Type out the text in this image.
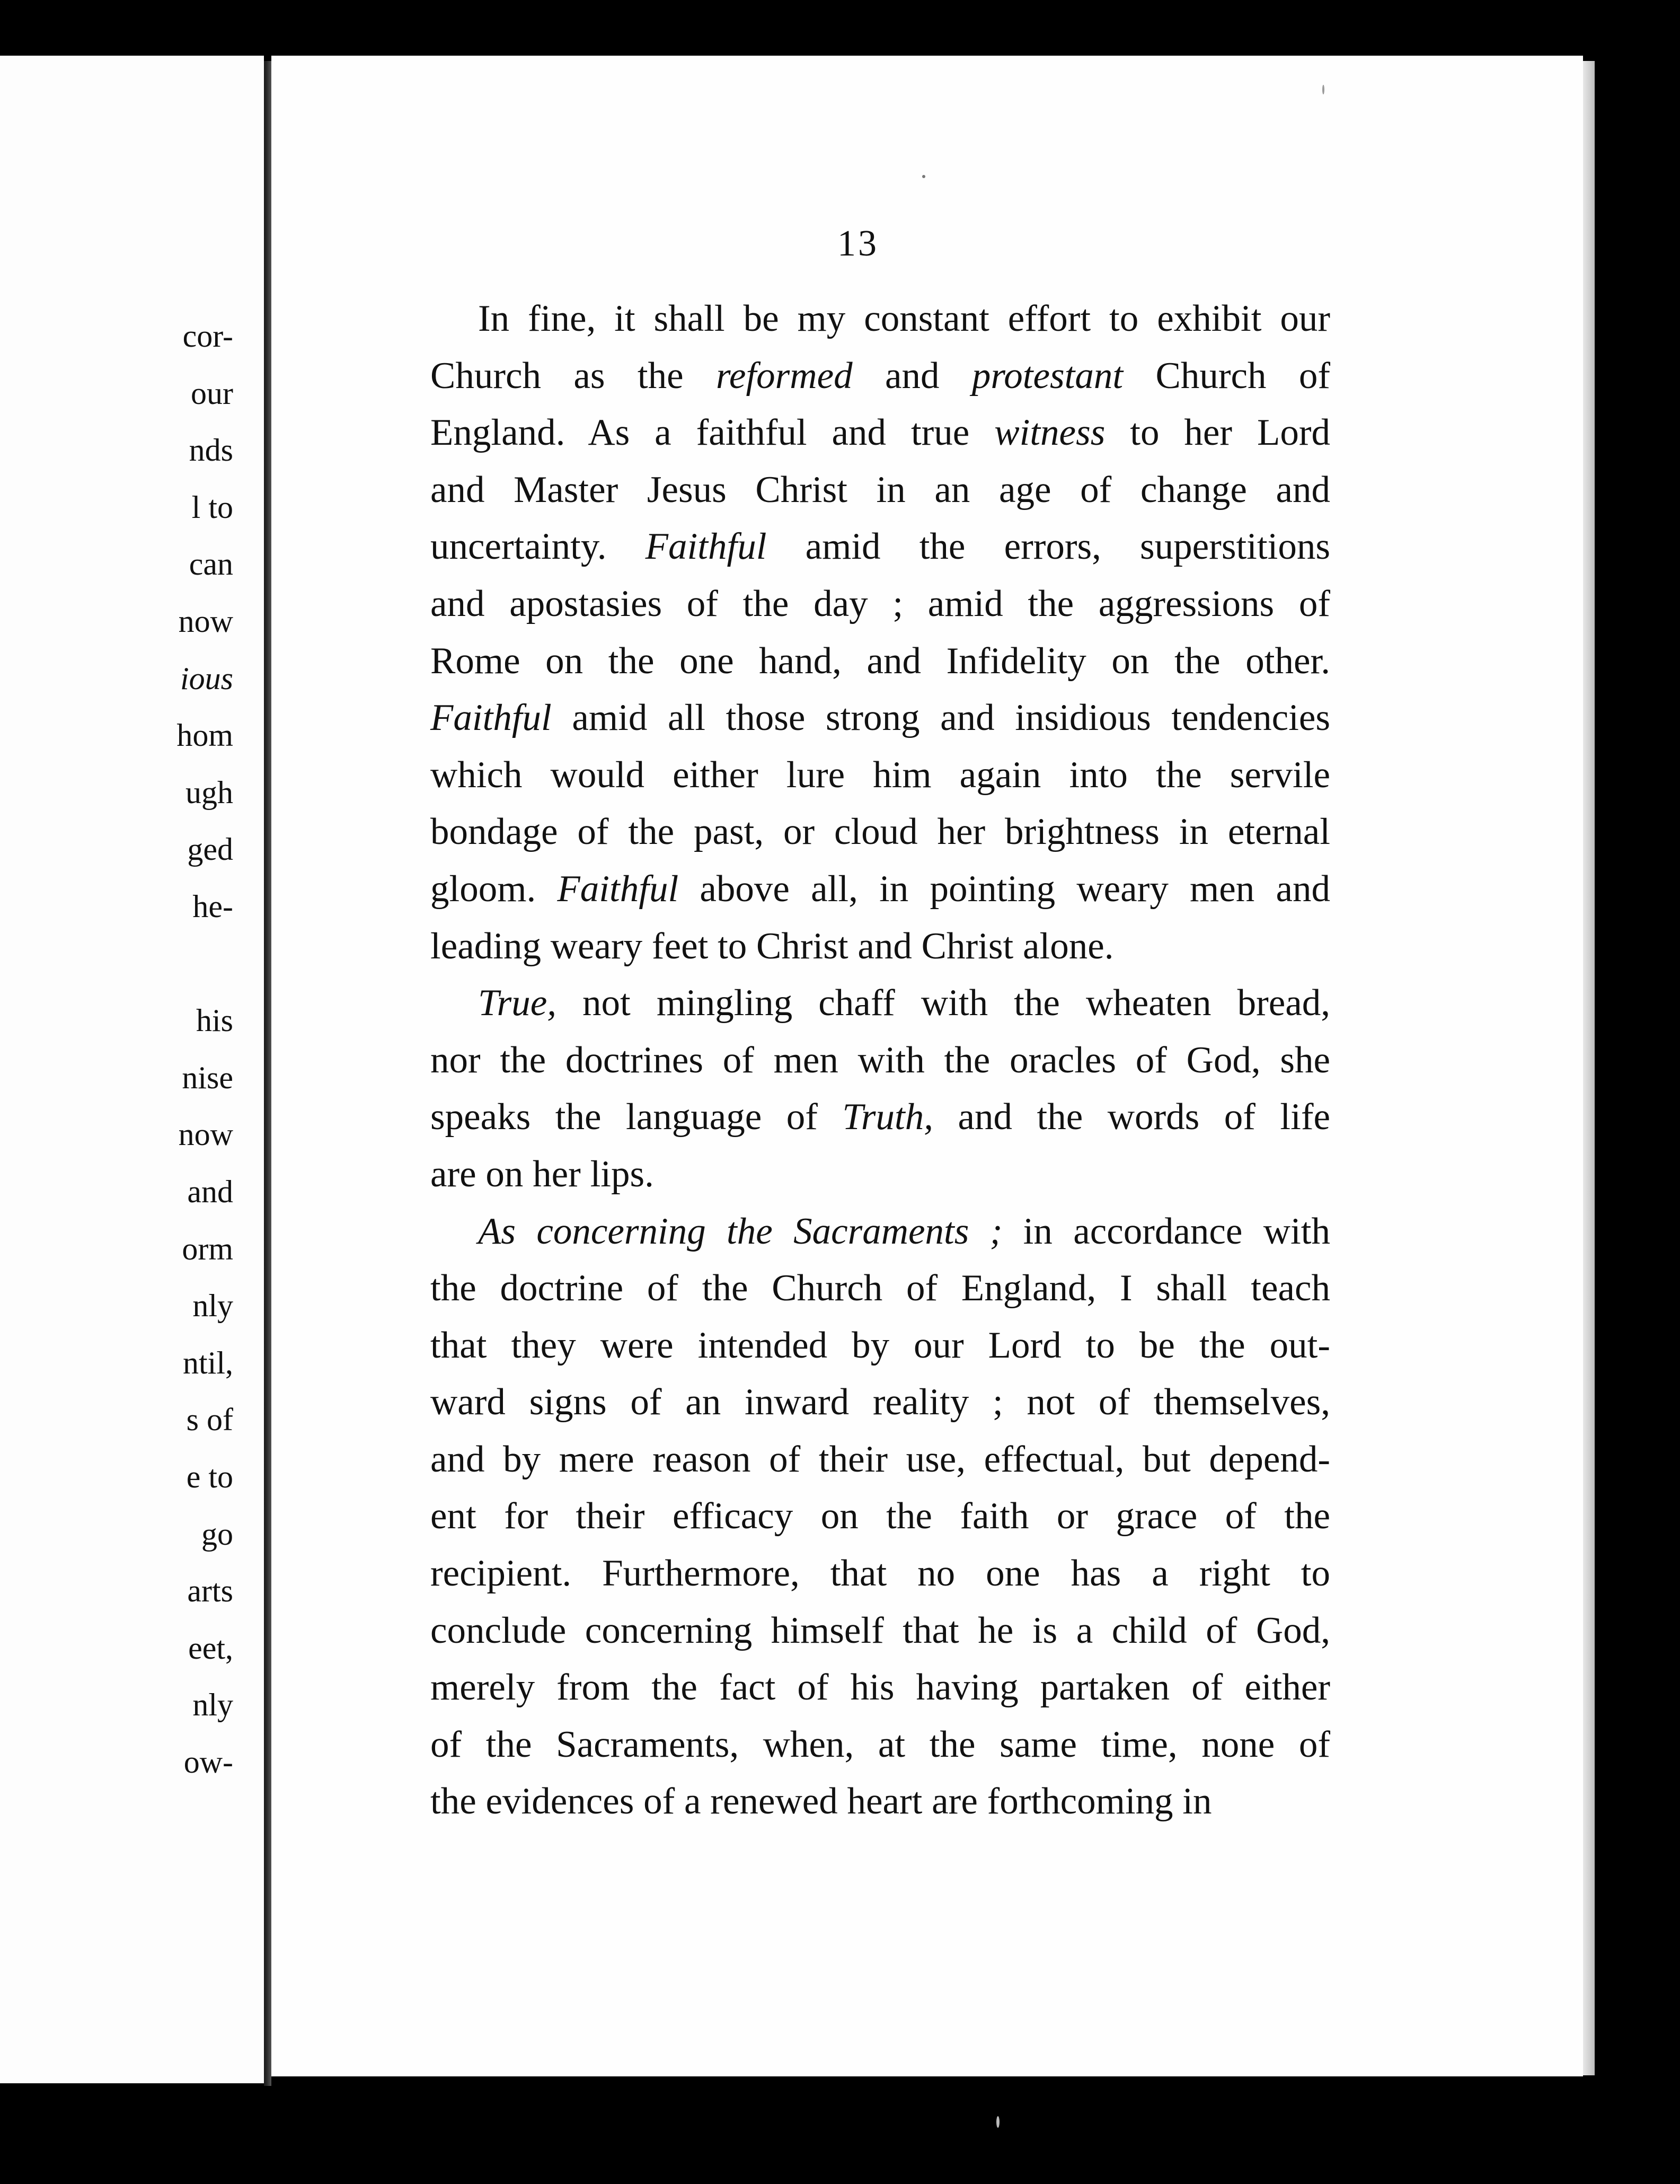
cor-
our
nds
l to
can
now
ious
hom
ugh
ged
he-
his
nise
now
and
orm
nly
ntil,
s of
e to
go
arts
eet,
nly
ow-
13
In fine, it shall be my constant effort to exhibit our
Church as the reformed and protestant Church of
England. As a faithful and true witness to her Lord
and Master Jesus Christ in an age of change and
uncertainty. Faithful amid the errors, superstitions
and apostasies of the day ; amid the aggressions of
Rome on the one hand, and Infidelity on the other.
Faithful amid all those strong and insidious tendencies
which would either lure him again into the servile
bondage of the past, or cloud her brightness in eternal
gloom. Faithful above all, in pointing weary men and
leading weary feet to Christ and Christ alone.
True, not mingling chaff with the wheaten bread,
nor the doctrines of men with the oracles of God, she
speaks the language of Truth, and the words of life
are on her lips.
As concerning the Sacraments ; in accordance with
the doctrine of the Church of England, I shall teach
that they were intended by our Lord to be the out-
ward signs of an inward reality ; not of themselves,
and by mere reason of their use, effectual, but depend-
ent for their efficacy on the faith or grace of the
recipient. Furthermore, that no one has a right to
conclude concerning himself that he is a child of God,
merely from the fact of his having partaken of either
of the Sacraments, when, at the same time, none of
the evidences of a renewed heart are forthcoming in
